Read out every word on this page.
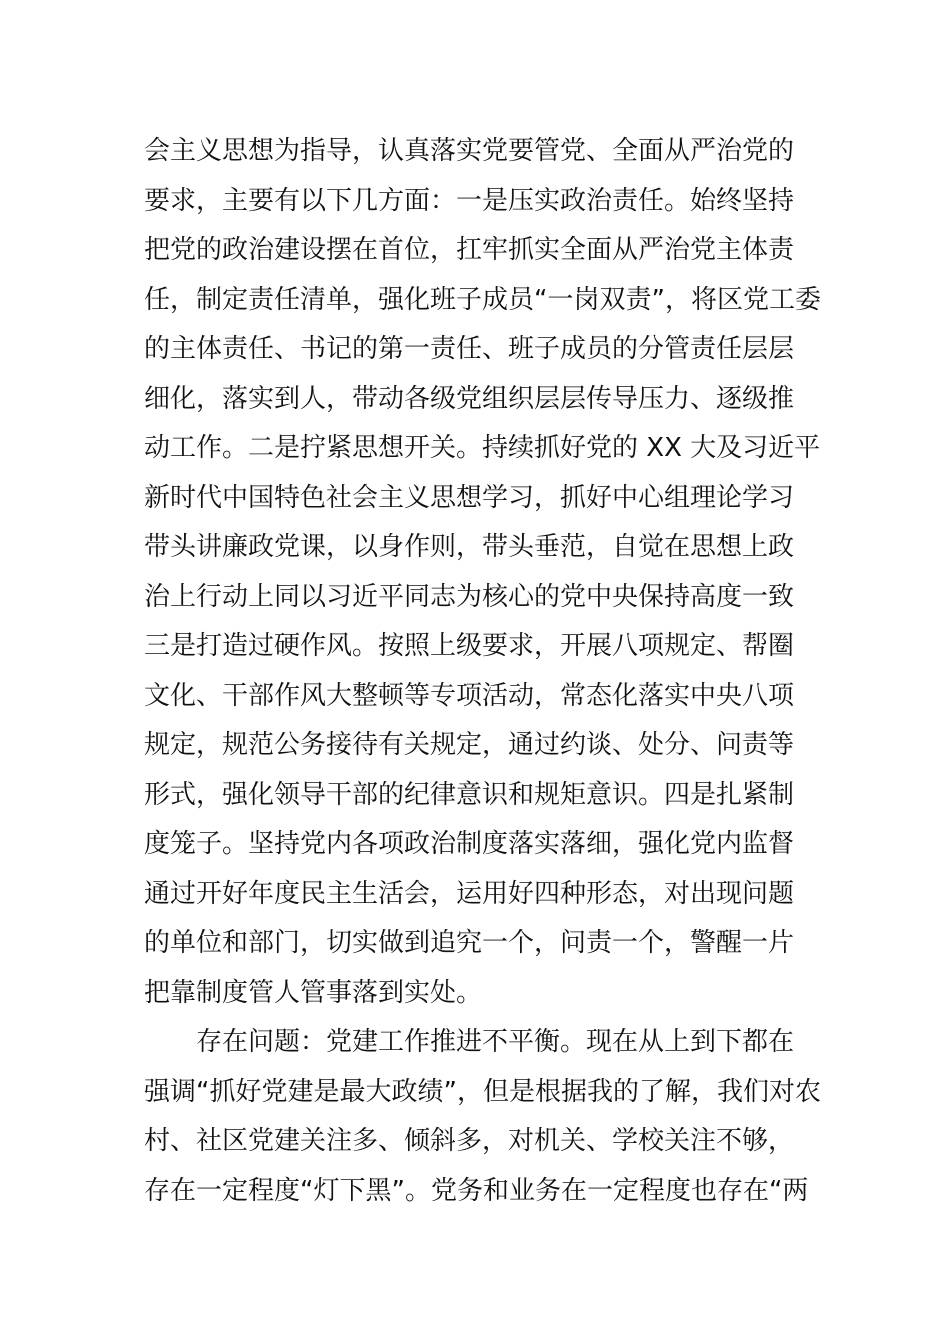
会主义思想为指导，认真落实党要管党、全面从严治党的
要求，主要有以下几方面：一是压实政治责任。始终坚持
把党的政治建设摆在首位，扛牢抓实全面从严治党主体责
任，制定责任清单，强化班子成员“一岗双责”，将区党工委
的主体责任、书记的第一责任、班子成员的分管责任层层
细化，落实到人，带动各级党组织层层传导压力、逐级推
动工作。二是拧紧思想开关。持续抓好党的 XX 大及习近平
新时代中国特色社会主义思想学习，抓好中心组理论学习
带头讲廉政党课，以身作则，带头垂范，自觉在思想上政
治上行动上同以习近平同志为核心的党中央保持高度一致
三是打造过硬作风。按照上级要求，开展八项规定、帮圈
文化、干部作风大整顿等专项活动，常态化落实中央八项
规定，规范公务接待有关规定，通过约谈、处分、问责等
形式，强化领导干部的纪律意识和规矩意识。四是扎紧制
度笼子。坚持党内各项政治制度落实落细，强化党内监督
通过开好年度民主生活会，运用好四种形态，对出现问题
的单位和部门，切实做到追究一个，问责一个，警醒一片
把靠制度管人管事落到实处。
存在问题：党建工作推进不平衡。现在从上到下都在
强调“抓好党建是最大政绩”，但是根据我的了解，我们对农
村、社区党建关注多、倾斜多，对机关、学校关注不够，
存在一定程度“灯下黑”。党务和业务在一定程度也存在“两
